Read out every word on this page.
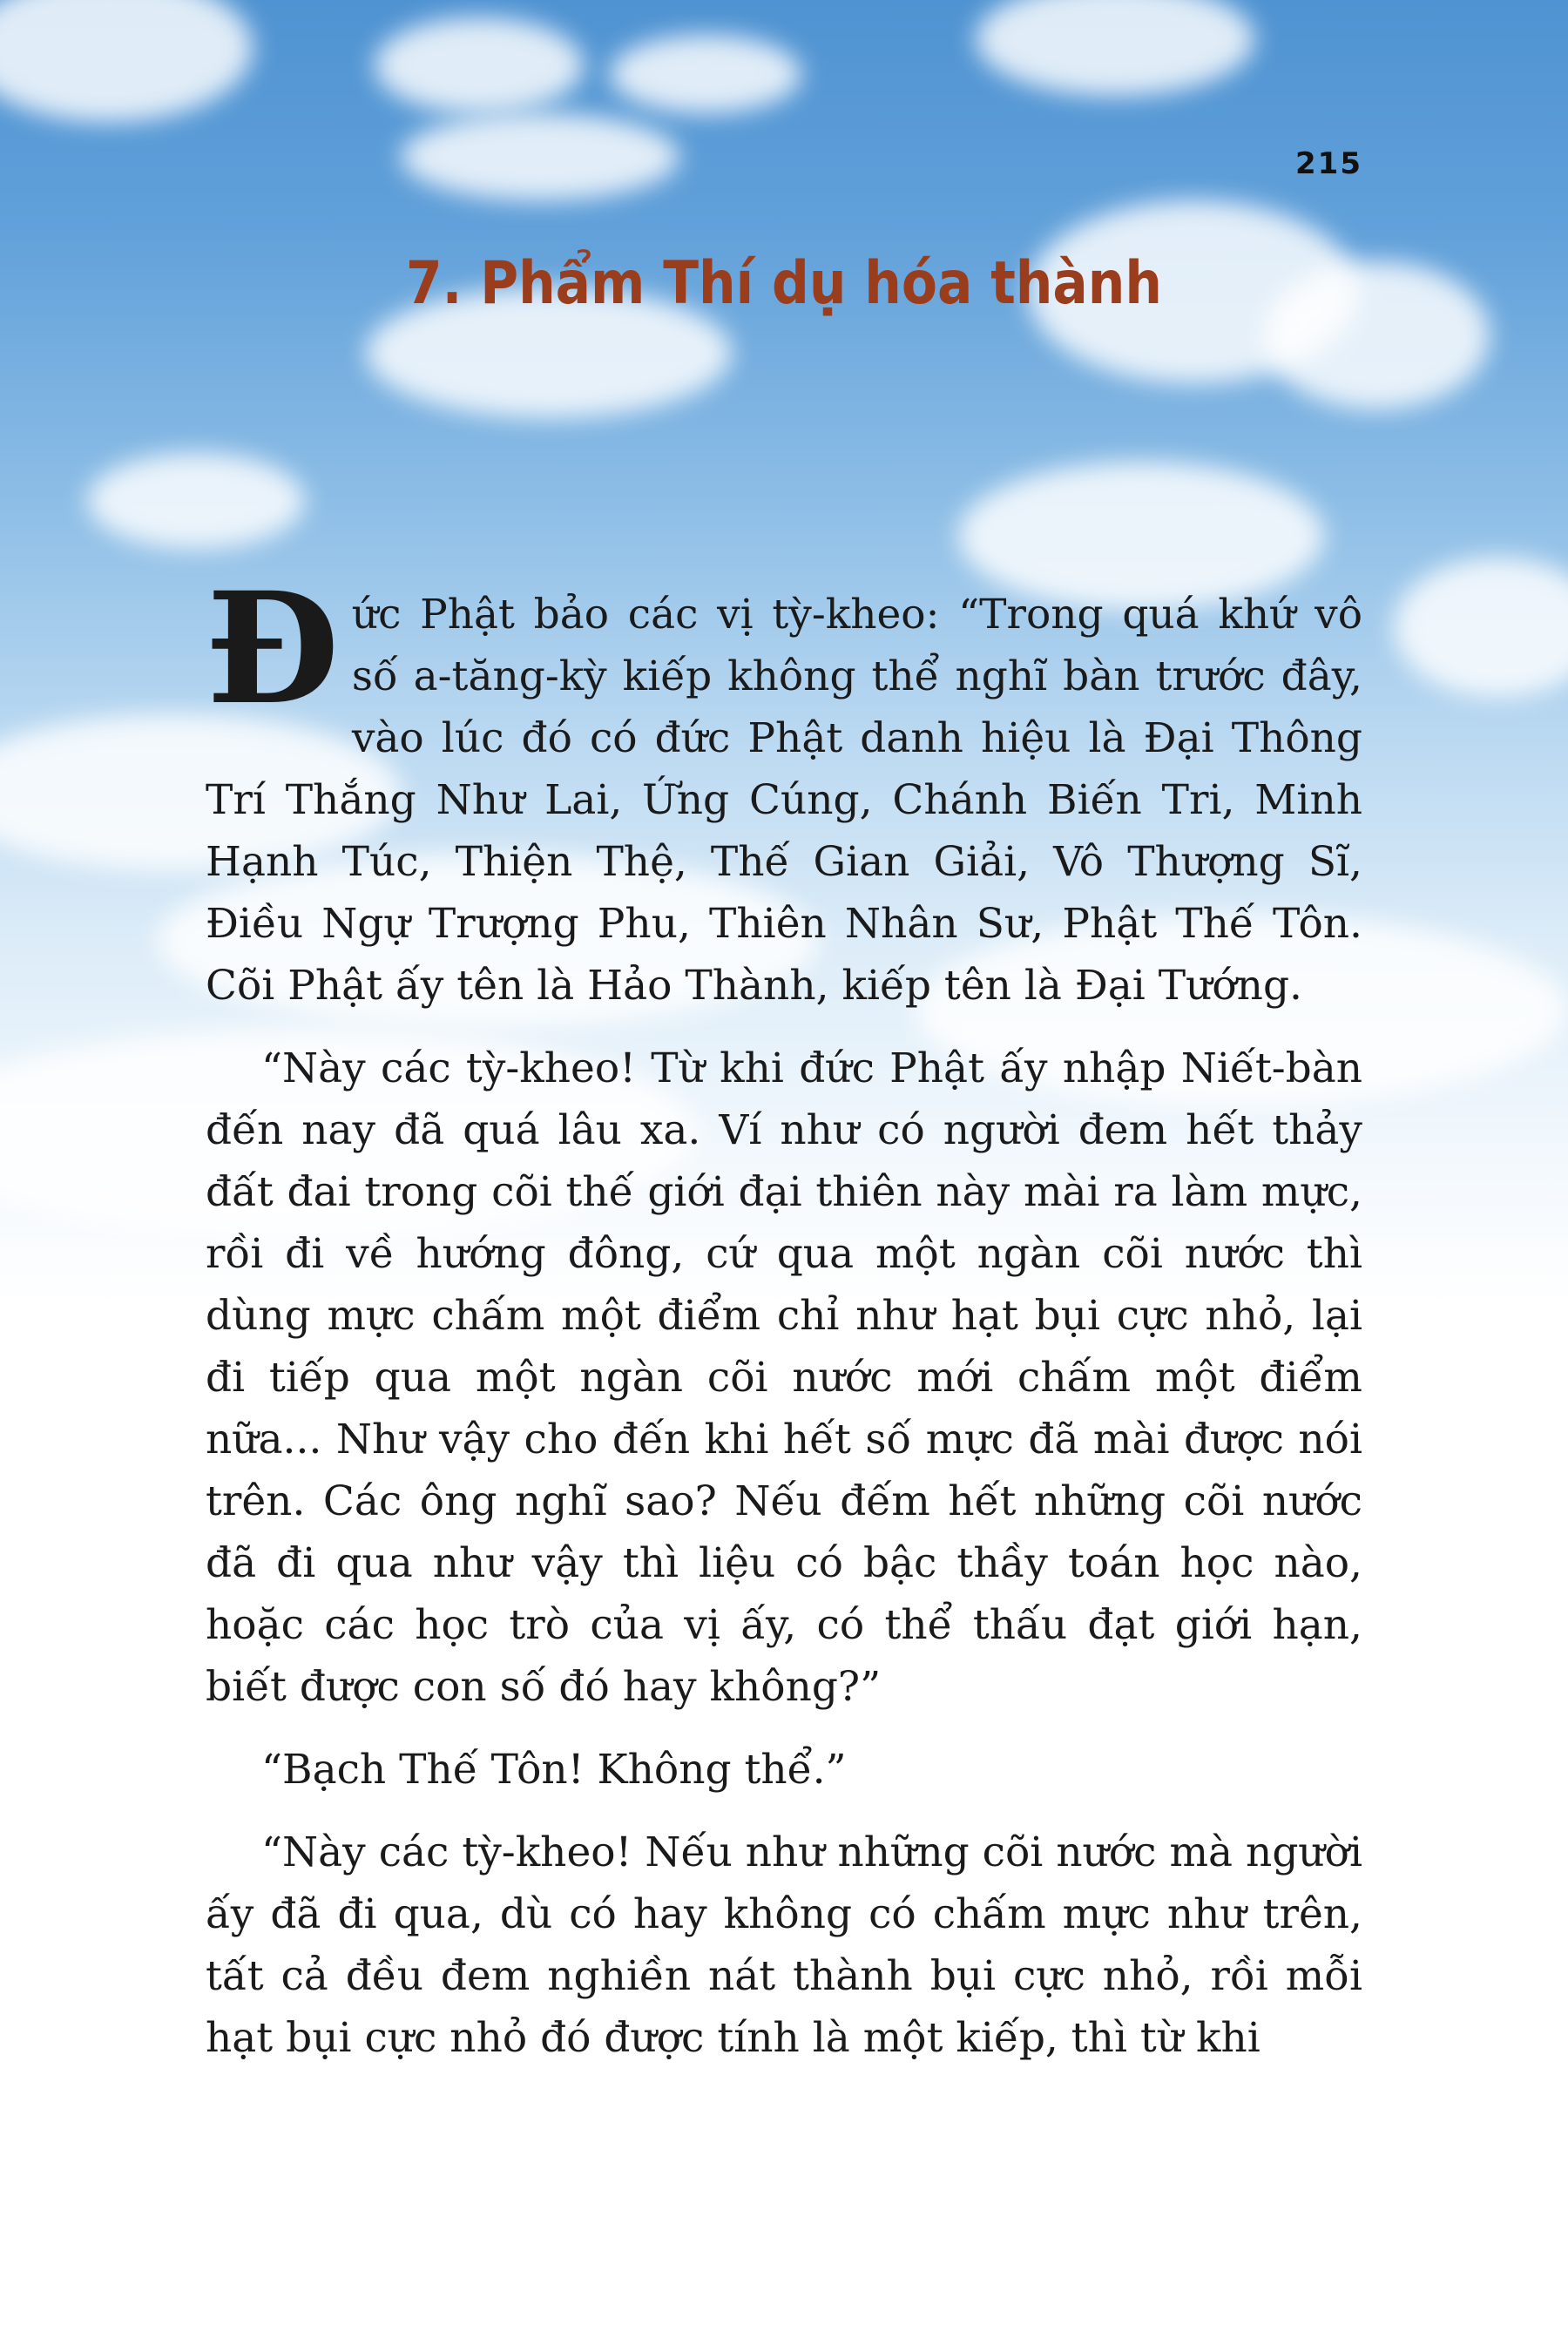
215
7. Phẩm Thí dụ hóa thành

Đức Phật bảo các vị tỳ-kheo: “Trong quá khứ vô số a-tăng-kỳ kiếp không thể nghĩ bàn trước đây, vào lúc đó có đức Phật danh hiệu là Đại Thông Trí Thắng Như Lai, Ứng Cúng, Chánh Biến Tri, Minh Hạnh Túc, Thiện Thệ, Thế Gian Giải, Vô Thượng Sĩ, Điều Ngự Trượng Phu, Thiên Nhân Sư, Phật Thế Tôn. Cõi Phật ấy tên là Hảo Thành, kiếp tên là Đại Tướng.

“Này các tỳ-kheo! Từ khi đức Phật ấy nhập Niết-bàn đến nay đã quá lâu xa. Ví như có người đem hết thảy đất đai trong cõi thế giới đại thiên này mài ra làm mực, rồi đi về hướng đông, cứ qua một ngàn cõi nước thì dùng mực chấm một điểm chỉ như hạt bụi cực nhỏ, lại đi tiếp qua một ngàn cõi nước mới chấm một điểm nữa... Như vậy cho đến khi hết số mực đã mài được nói trên. Các ông nghĩ sao? Nếu đếm hết những cõi nước đã đi qua như vậy thì liệu có bậc thầy toán học nào, hoặc các học trò của vị ấy, có thể thấu đạt giới hạn, biết được con số đó hay không?”

“Bạch Thế Tôn! Không thể.”

“Này các tỳ-kheo! Nếu như những cõi nước mà người ấy đã đi qua, dù có hay không có chấm mực như trên, tất cả đều đem nghiền nát thành bụi cực nhỏ, rồi mỗi hạt bụi cực nhỏ đó được tính là một kiếp, thì từ khi
